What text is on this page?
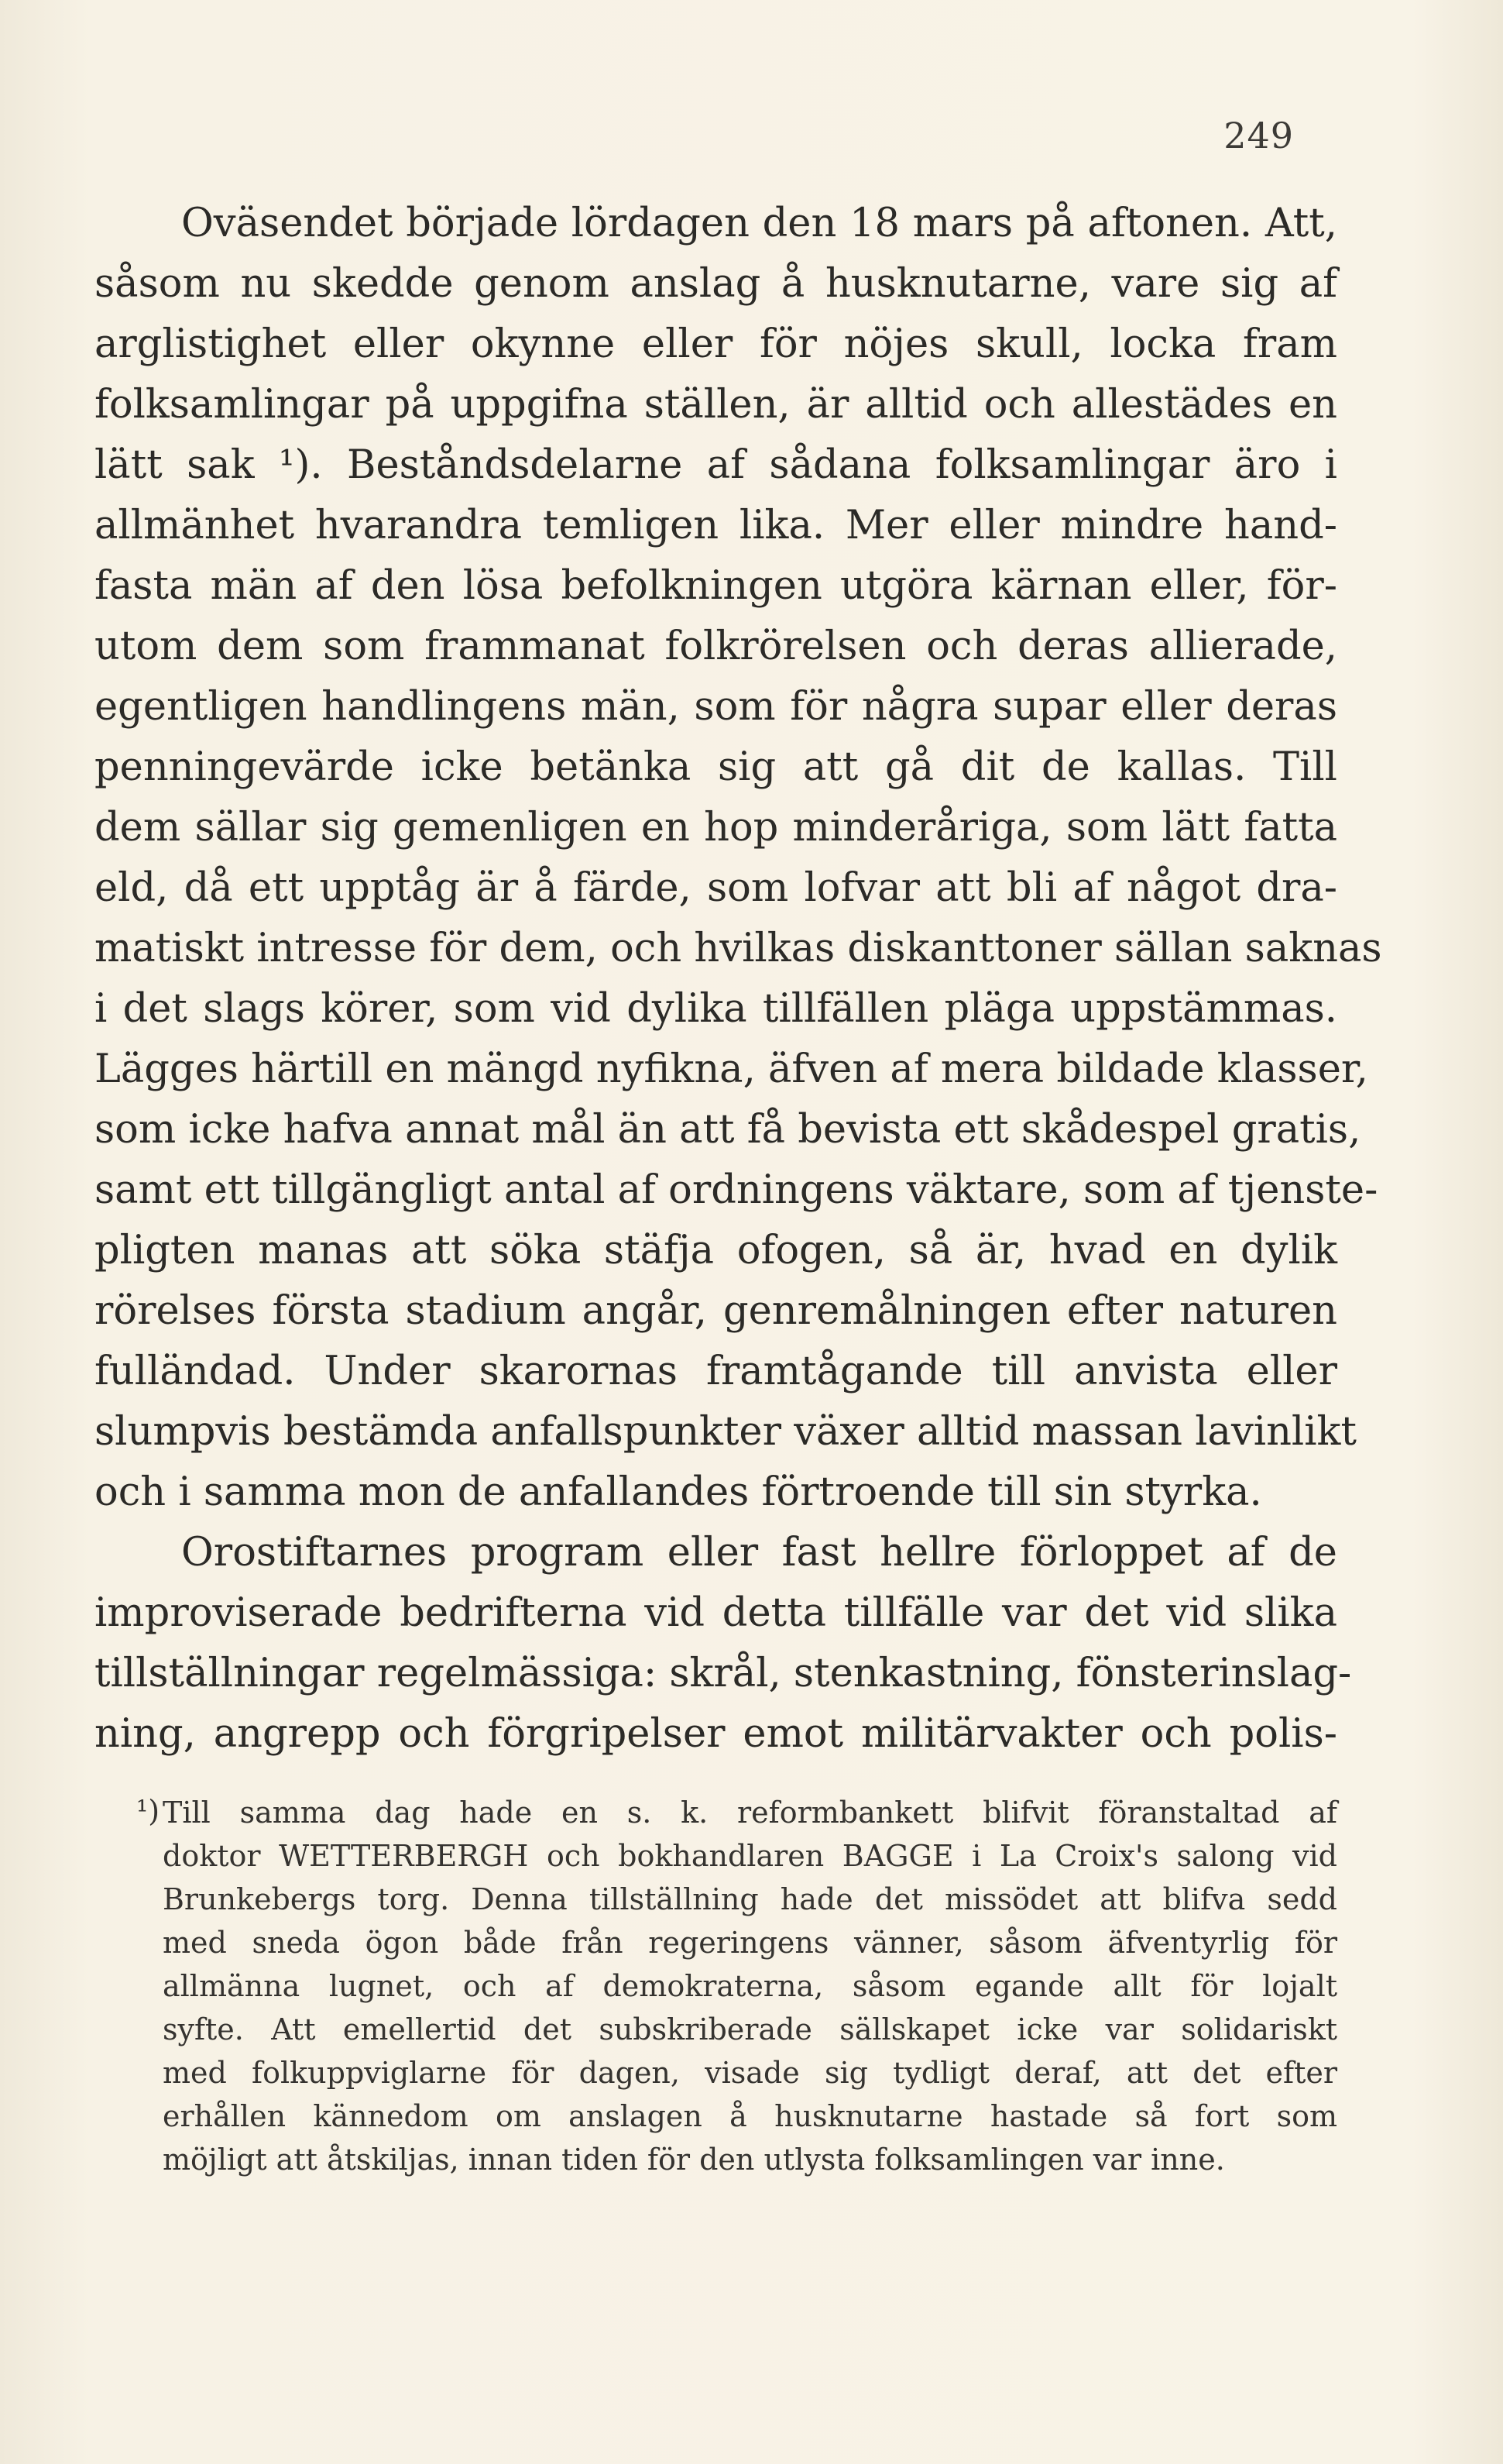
249
Oväsendet började lördagen den 18 mars på aftonen. Att,
såsom nu skedde genom anslag å husknutarne, vare sig af
arglistighet eller okynne eller för nöjes skull, locka fram
folksamlingar på uppgifna ställen, är alltid och allestädes en
lätt sak ¹). Beståndsdelarne af sådana folksamlingar äro i
allmänhet hvarandra temligen lika. Mer eller mindre hand-
fasta män af den lösa befolkningen utgöra kärnan eller, för-
utom dem som frammanat folkrörelsen och deras allierade,
egentligen handlingens män, som för några supar eller deras
penningevärde icke betänka sig att gå dit de kallas. Till
dem sällar sig gemenligen en hop minderåriga, som lätt fatta
eld, då ett upptåg är å färde, som lofvar att bli af något dra-
matiskt intresse för dem, och hvilkas diskanttoner sällan saknas
i det slags körer, som vid dylika tillfällen pläga uppstämmas.
Lägges härtill en mängd nyfikna, äfven af mera bildade klasser,
som icke hafva annat mål än att få bevista ett skådespel gratis,
samt ett tillgängligt antal af ordningens väktare, som af tjenste-
pligten manas att söka stäfja ofogen, så är, hvad en dylik
rörelses första stadium angår, genremålningen efter naturen
fulländad. Under skarornas framtågande till anvista eller
slumpvis bestämda anfallspunkter växer alltid massan lavinlikt
och i samma mon de anfallandes förtroende till sin styrka.
Orostiftarnes program eller fast hellre förloppet af de
improviserade bedrifterna vid detta tillfälle var det vid slika
tillställningar regelmässiga: skrål, stenkastning, fönsterinslag-
ning, angrepp och förgripelser emot militärvakter och polis-
¹) Till samma dag hade en s. k. reformbankett blifvit föranstaltad af
doktor WETTERBERGH och bokhandlaren BAGGE i La Croix's salong vid
Brunkebergs torg. Denna tillställning hade det missödet att blifva sedd
med sneda ögon både från regeringens vänner, såsom äfventyrlig för
allmänna lugnet, och af demokraterna, såsom egande allt för lojalt
syfte. Att emellertid det subskriberade sällskapet icke var solidariskt
med folkuppviglarne för dagen, visade sig tydligt deraf, att det efter
erhållen kännedom om anslagen å husknutarne hastade så fort som
möjligt att åtskiljas, innan tiden för den utlysta folksamlingen var inne.
